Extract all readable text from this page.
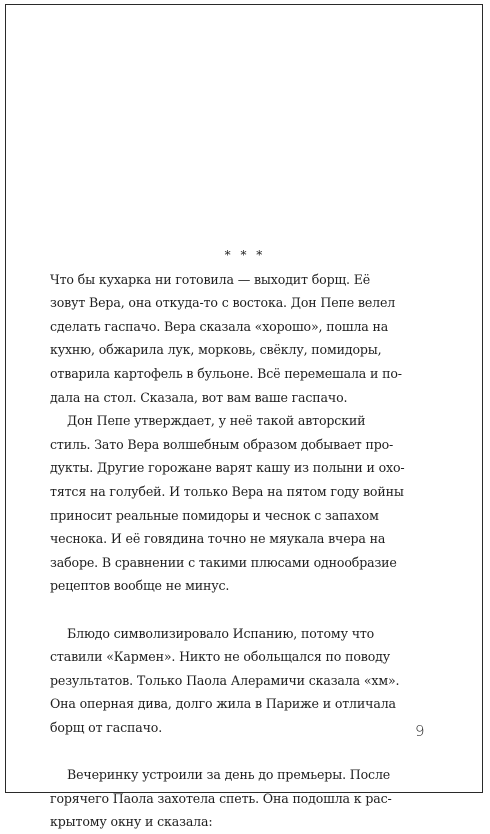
* * *
Что бы кухарка ни готовила — выходит борщ. Её
зовут Вера, она откуда-то с востока. Дон Пепе велел
сделать гаспачо. Вера сказала «хорошо», пошла на
кухню, обжарила лук, морковь, свёклу, помидоры,
отварила картофель в бульоне. Всё перемешала и по-
дала на стол. Сказала, вот вам ваше гаспачо.
Дон Пепе утверждает, у неё такой авторский
стиль. Зато Вера волшебным образом добывает про-
дукты. Другие горожане варят кашу из полыни и охо-
тятся на голубей. И только Вера на пятом году войны
приносит реальные помидоры и чеснок с запахом
чеснока. И её говядина точно не мяукала вчера на
заборе. В сравнении с такими плюсами однообразие
рецептов вообще не минус.
Блюдо символизировало Испанию, потому что
ставили «Кармен». Никто не обольщался по поводу
результатов. Только Паола Алерамичи сказала «хм».
Она оперная дива, долго жила в Париже и отличала
борщ от гаспачо.
Вечеринку устроили за день до премьеры. После
горячего Паола захотела спеть. Она подошла к рас-
крытому окну и сказала:
9
